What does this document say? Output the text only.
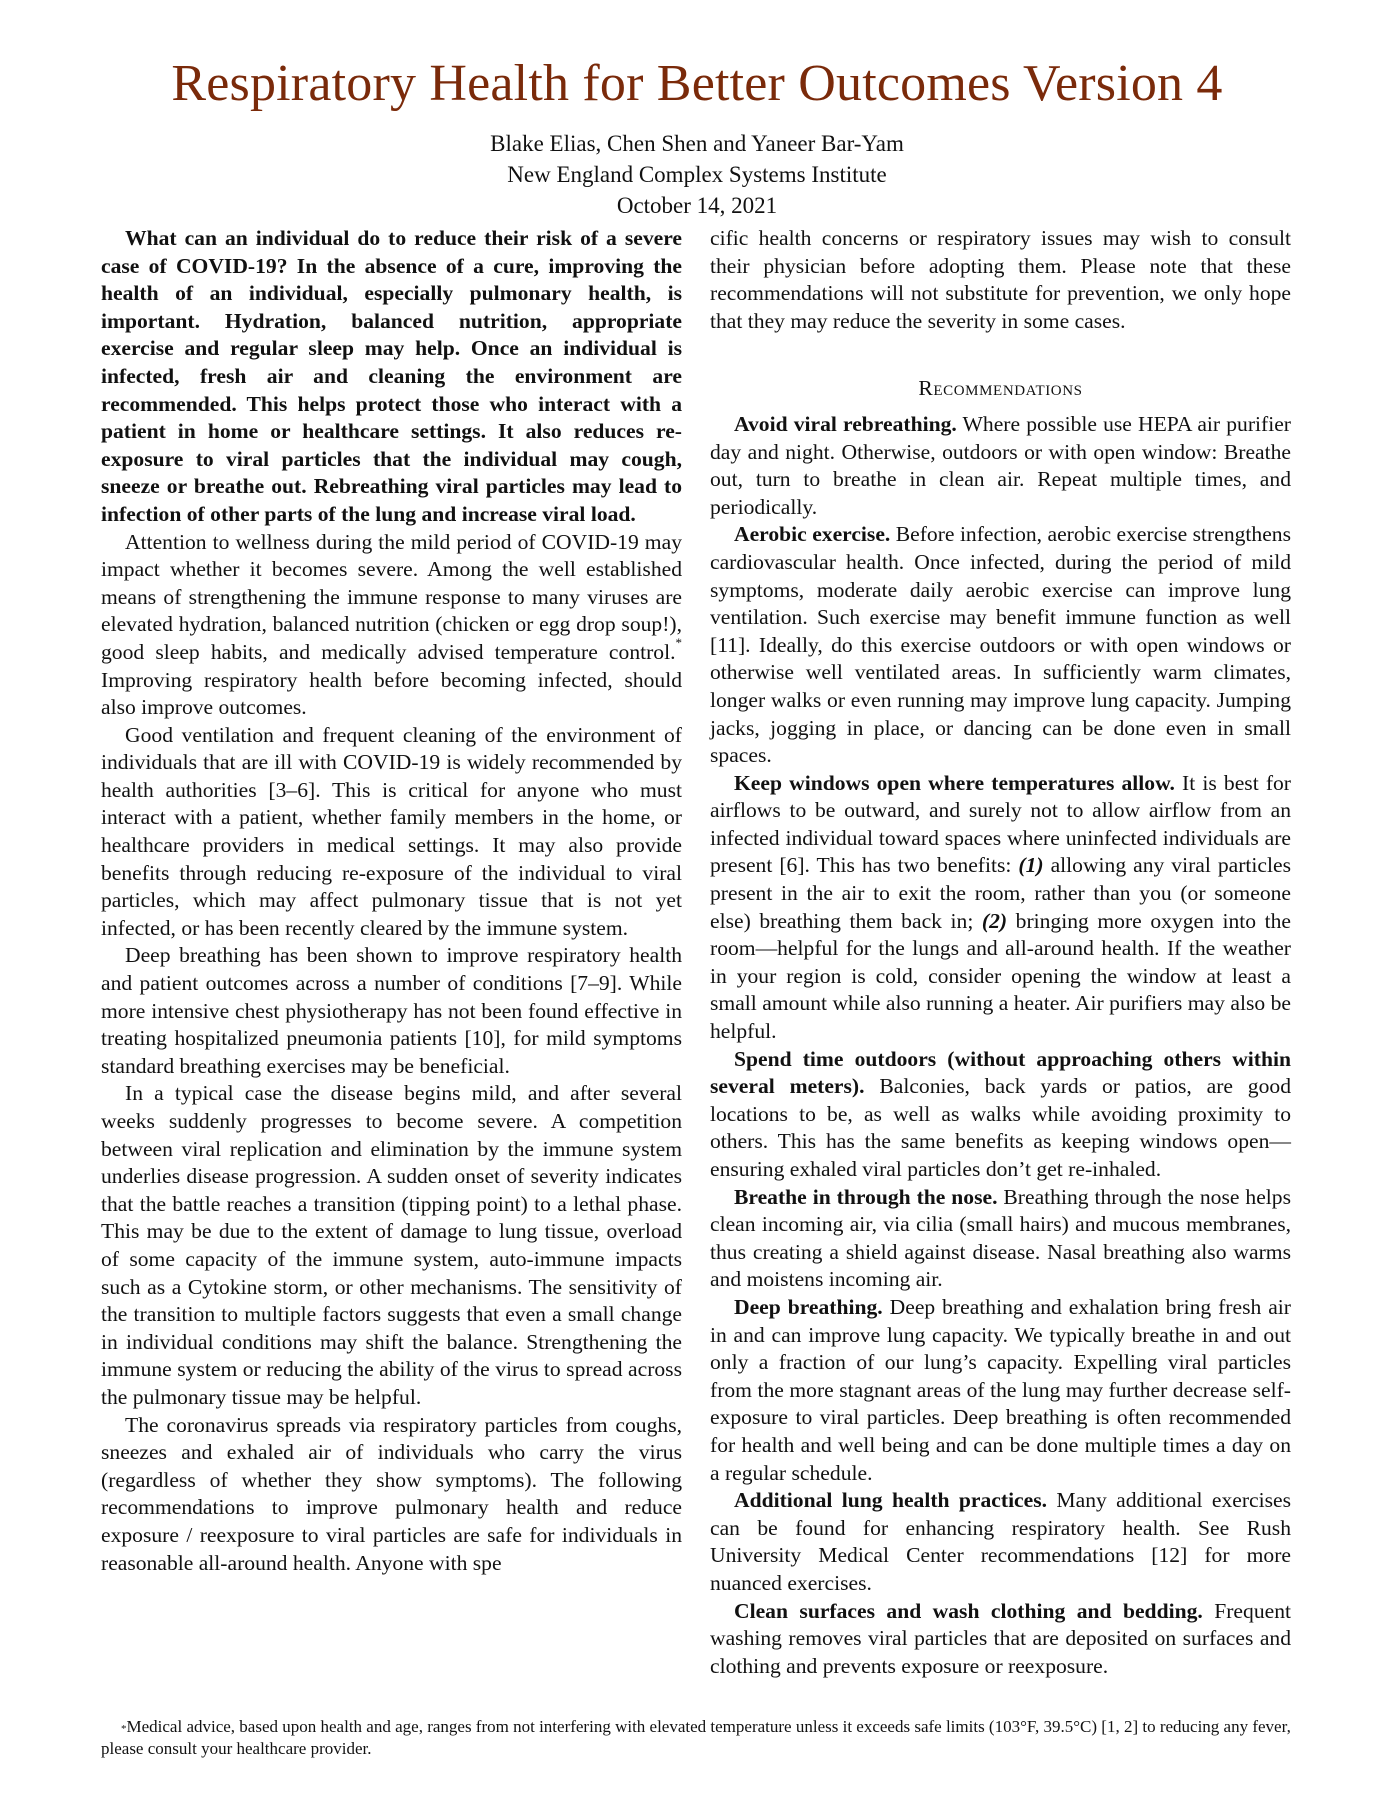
Respiratory Health for Better Outcomes Version 4
Blake Elias, Chen Shen and Yaneer Bar-Yam
New England Complex Systems Institute
October 14, 2021

What can an individual do to reduce their risk of a severe case of COVID-19? In the absence of a cure, improving the health of an individual, especially pulmonary health, is important. Hydration, balanced nutrition, appropriate exercise and regular sleep may help. Once an individual is infected, fresh air and cleaning the environment are recommended. This helps protect those who interact with a patient in home or healthcare settings. It also reduces re-exposure to viral particles that the individual may cough, sneeze or breathe out. Rebreathing viral particles may lead to infection of other parts of the lung and increase viral load.

Attention to wellness during the mild period of COVID-19 may impact whether it becomes severe. Among the well established means of strengthening the immune response to many viruses are elevated hydration, balanced nutrition (chicken or egg drop soup!), good sleep habits, and medically advised temperature control.* Improving respiratory health before becoming infected, should also improve outcomes.

Good ventilation and frequent cleaning of the environment of individuals that are ill with COVID-19 is widely recommended by health authorities [3–6]. This is critical for anyone who must interact with a patient, whether family members in the home, or healthcare providers in medical settings. It may also provide benefits through reducing re-exposure of the individual to viral particles, which may affect pulmonary tissue that is not yet infected, or has been recently cleared by the immune system.

Deep breathing has been shown to improve respiratory health and patient outcomes across a number of conditions [7–9]. While more intensive chest physiotherapy has not been found effective in treating hospitalized pneumonia patients [10], for mild symptoms standard breathing exercises may be beneficial.

In a typical case the disease begins mild, and after several weeks suddenly progresses to become severe. A competition between viral replication and elimination by the immune system underlies disease progression. A sudden onset of severity indicates that the battle reaches a transition (tipping point) to a lethal phase. This may be due to the extent of damage to lung tissue, overload of some capacity of the immune system, auto-immune impacts such as a Cytokine storm, or other mechanisms. The sensitivity of the transition to multiple factors suggests that even a small change in individual conditions may shift the balance. Strengthening the immune system or reducing the ability of the virus to spread across the pulmonary tissue may be helpful.

The coronavirus spreads via respiratory particles from coughs, sneezes and exhaled air of individuals who carry the virus (regardless of whether they show symptoms). The following recommendations to improve pulmonary health and reduce exposure / reexposure to viral particles are safe for individuals in reasonable all-around health. Anyone with spe

cific health concerns or respiratory issues may wish to consult their physician before adopting them. Please note that these recommendations will not substitute for prevention, we only hope that they may reduce the severity in some cases.

Recommendations

Avoid viral rebreathing. Where possible use HEPA air purifier day and night. Otherwise, outdoors or with open window: Breathe out, turn to breathe in clean air. Repeat multiple times, and periodically.

Aerobic exercise. Before infection, aerobic exercise strengthens cardiovascular health. Once infected, during the period of mild symptoms, moderate daily aerobic exercise can improve lung ventilation. Such exercise may benefit immune function as well [11]. Ideally, do this exercise outdoors or with open windows or otherwise well ventilated areas. In sufficiently warm climates, longer walks or even running may improve lung capacity. Jumping jacks, jogging in place, or dancing can be done even in small spaces.

Keep windows open where temperatures allow. It is best for airflows to be outward, and surely not to allow airflow from an infected individual toward spaces where uninfected individuals are present [6]. This has two benefits: (1) allowing any viral particles present in the air to exit the room, rather than you (or someone else) breathing them back in; (2) bringing more oxygen into the room—helpful for the lungs and all-around health. If the weather in your region is cold, consider opening the window at least a small amount while also running a heater. Air purifiers may also be helpful.

Spend time outdoors (without approaching others within several meters). Balconies, back yards or patios, are good locations to be, as well as walks while avoiding proximity to others. This has the same benefits as keeping windows open—ensuring exhaled viral particles don’t get re-inhaled.

Breathe in through the nose. Breathing through the nose helps clean incoming air, via cilia (small hairs) and mucous membranes, thus creating a shield against disease. Nasal breathing also warms and moistens incoming air.

Deep breathing. Deep breathing and exhalation bring fresh air in and can improve lung capacity. We typically breathe in and out only a fraction of our lung’s capacity. Expelling viral particles from the more stagnant areas of the lung may further decrease self-exposure to viral particles. Deep breathing is often recommended for health and well being and can be done multiple times a day on a regular schedule.

Additional lung health practices. Many additional exercises can be found for enhancing respiratory health. See Rush University Medical Center recommendations [12] for more nuanced exercises.

Clean surfaces and wash clothing and bedding. Frequent washing removes viral particles that are deposited on surfaces and clothing and prevents exposure or reexposure.

*Medical advice, based upon health and age, ranges from not interfering with elevated temperature unless it exceeds safe limits (103°F, 39.5°C) [1, 2] to reducing any fever, please consult your healthcare provider.
